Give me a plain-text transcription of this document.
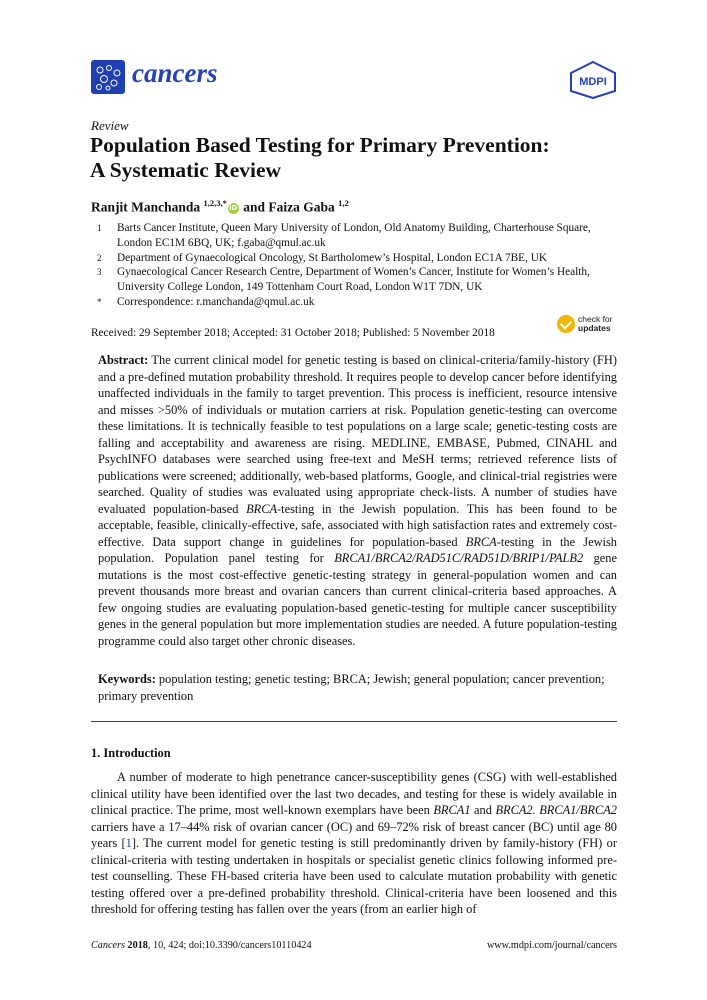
cancers	MDPI
Review
Population Based Testing for Primary Prevention:
A Systematic Review
Ranjit Manchanda $^{1,2,3,*}$ iD and Faiza Gaba $^{1,2}$
1 Barts Cancer Institute, Queen Mary University of London, Old Anatomy Building, Charterhouse Square, London EC1M 6BQ, UK; f.gaba@qmul.ac.uk
2 Department of Gynaecological Oncology, St Bartholomew’s Hospital, London EC1A 7BE, UK
3 Gynaecological Cancer Research Centre, Department of Women’s Cancer, Institute for Women’s Health, University College London, 149 Tottenham Court Road, London W1T 7DN, UK
* Correspondence: r.manchanda@qmul.ac.uk
Received: 29 September 2018; Accepted: 31 October 2018; Published: 5 November 2018
check for
updates
Abstract: The current clinical model for genetic testing is based on clinical-criteria/family-history (FH) and a pre-defined mutation probability threshold. It requires people to develop cancer before identifying unaffected individuals in the family to target prevention. This process is inefficient, resource intensive and misses >50% of individuals or mutation carriers at risk. Population genetic-testing can overcome these limitations. It is technically feasible to test populations on a large scale; genetic-testing costs are falling and acceptability and awareness are rising. MEDLINE, EMBASE, Pubmed, CINAHL and PsychINFO databases were searched using free-text and MeSH terms; retrieved reference lists of publications were screened; additionally, web-based platforms, Google, and clinical-trial registries were searched. Quality of studies was evaluated using appropriate check-lists. A number of studies have evaluated population-based BRCA-testing in the Jewish population. This has been found to be acceptable, feasible, clinically-effective, safe, associated with high satisfaction rates and extremely cost-effective. Data support change in guidelines for population-based BRCA-testing in the Jewish population. Population panel testing for BRCA1/BRCA2/RAD51C/RAD51D/BRIP1/PALB2 gene mutations is the most cost-effective genetic-testing strategy in general-population women and can prevent thousands more breast and ovarian cancers than current clinical-criteria based approaches. A few ongoing studies are evaluating population-based genetic-testing for multiple cancer susceptibility genes in the general population but more implementation studies are needed. A future population-testing programme could also target other chronic diseases.
Keywords: population testing; genetic testing; BRCA; Jewish; general population; cancer prevention; primary prevention
1. Introduction
A number of moderate to high penetrance cancer-susceptibility genes (CSG) with well-established clinical utility have been identified over the last two decades, and testing for these is widely available in clinical practice. The prime, most well-known exemplars have been BRCA1 and BRCA2. BRCA1/BRCA2 carriers have a 17–44% risk of ovarian cancer (OC) and 69–72% risk of breast cancer (BC) until age 80 years [1]. The current model for genetic testing is still predominantly driven by family-history (FH) or clinical-criteria with testing undertaken in hospitals or specialist genetic clinics following informed pre-test counselling. These FH-based criteria have been used to calculate mutation probability with genetic testing offered over a pre-defined probability threshold. Clinical-criteria have been loosened and this threshold for offering testing has fallen over the years (from an earlier high of
Cancers 2018, 10, 424; doi:10.3390/cancers10110424	www.mdpi.com/journal/cancers
